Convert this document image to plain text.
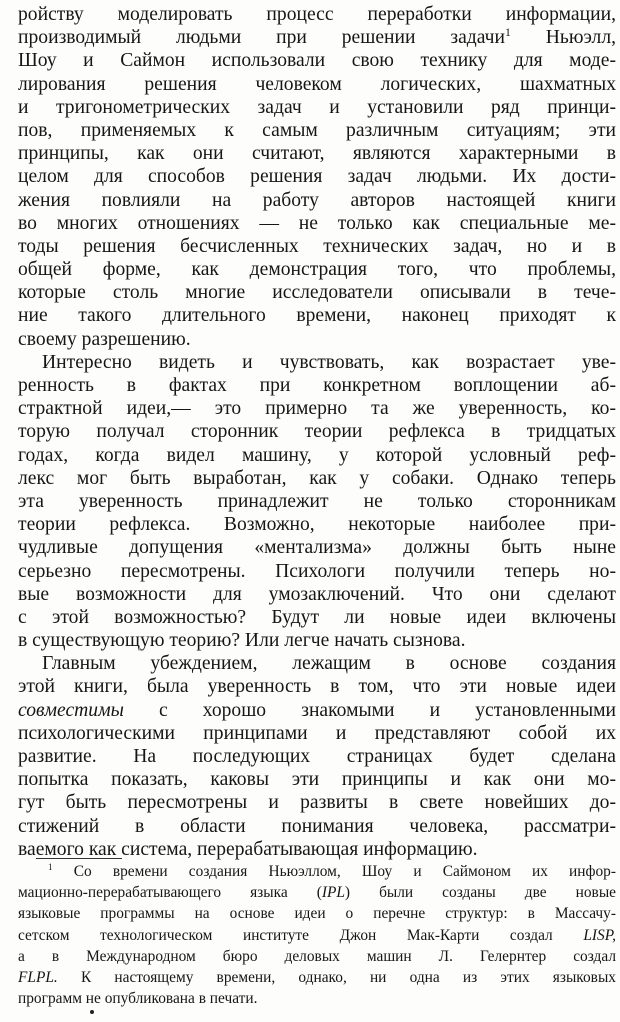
ройству моделировать процесс переработки информации,
производимый людьми при решении задачи1 Ньюэлл,
Шоу и Саймон использовали свою технику для моде-
лирования решения человеком логических, шахматных
и тригонометрических задач и установили ряд принци-
пов, применяемых к самым различным ситуациям; эти
принципы, как они считают, являются характерными в
целом для способов решения задач людьми. Их дости-
жения повлияли на работу авторов настоящей книги
во многих отношениях — не только как специальные ме-
тоды решения бесчисленных технических задач, но и в
общей форме, как демонстрация того, что проблемы,
которые столь многие исследователи описывали в тече-
ние такого длительного времени, наконец приходят к
своему разрешению.
Интересно видеть и чувствовать, как возрастает уве-
ренность в фактах при конкретном воплощении аб-
страктной идеи,— это примерно та же уверенность, ко-
торую получал сторонник теории рефлекса в тридцатых
годах, когда видел машину, у которой условный реф-
лекс мог быть выработан, как у собаки. Однако теперь
эта уверенность принадлежит не только сторонникам
теории рефлекса. Возможно, некоторые наиболее при-
чудливые допущения «ментализма» должны быть ныне
серьезно пересмотрены. Психологи получили теперь но-
вые возможности для умозаключений. Что они сделают
с этой возможностью? Будут ли новые идеи включены
в существующую теорию? Или легче начать сызнова.
Главным убеждением, лежащим в основе создания
этой книги, была уверенность в том, что эти новые идеи
совместимы с хорошо знакомыми и установленными
психологическими принципами и представляют собой их
развитие. На последующих страницах будет сделана
попытка показать, каковы эти принципы и как они мо-
гут быть пересмотрены и развиты в свете новейших до-
стижений в области понимания человека, рассматри-
ваемого как система, перерабатывающая информацию.
1 Со времени создания Ньюэллом, Шоу и Саймоном их инфор-
мационно-перерабатывающего языка (IPL) были созданы две новые
языковые программы на основе идеи о перечне структур: в Массачу-
сетском технологическом институте Джон Мак-Карти создал LISP,
а в Международном бюро деловых машин Л. Гелернтер создал
FLPL. К настоящему времени, однако, ни одна из этих языковых
программ не опубликована в печати.
